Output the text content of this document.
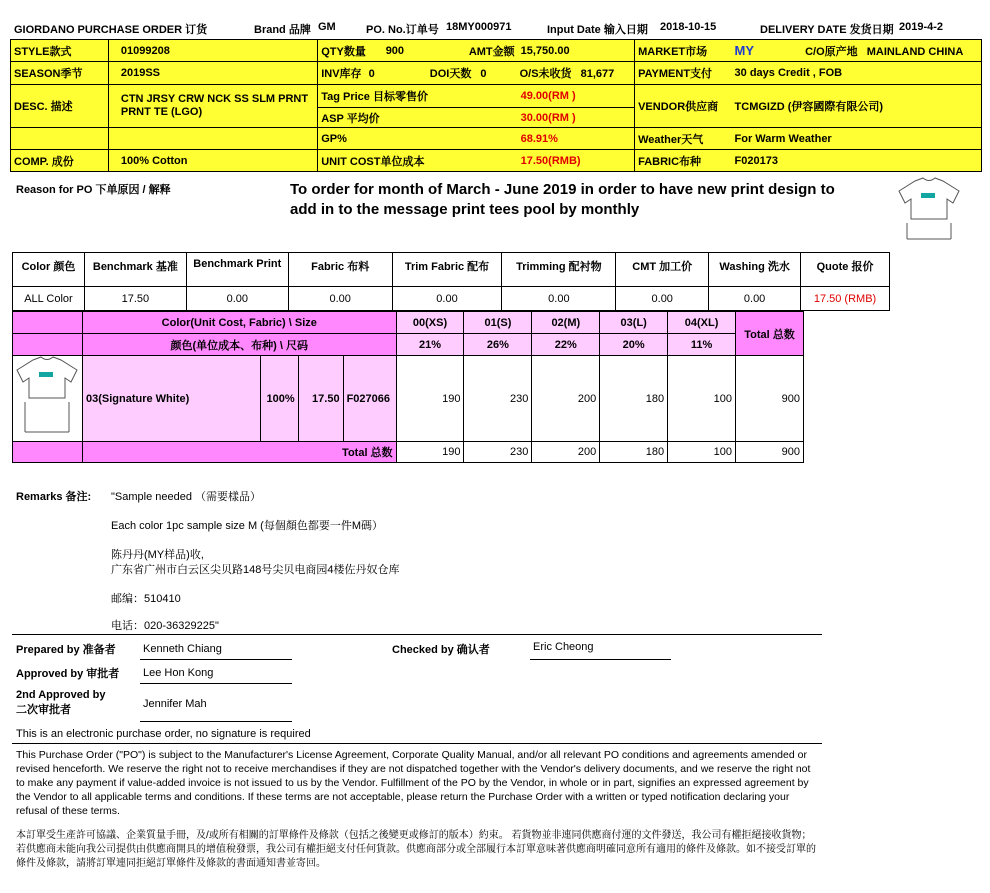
GIORDANO PURCHASE ORDER 订货	Brand 品牌 GM	PO. No.订单号 18MY000971	Input Date 输入日期 2018-10-15	DELIVERY DATE 发货日期 2019-4-2
STYLE款式	01099208	QTY数量	900	AMT金额	15,750.00	MARKET市场	MY C/O原产地 MAINLAND CHINA
SEASON季节	2019SS	INV库存 0 DOI天数 0 O/S未收货 81,677				PAYMENT支付	30 days Credit , FOB
DESC. 描述	CTN JRSY CRW NCK SS SLM PRNT PRNT TE (LGO)	Tag Price 目标零售价			49.00(RM )	VENDOR供应商	TCMGIZD (伊容國際有限公司)
		ASP 平均价			30.00(RM )		
		GP%			68.91%	Weather天气	For Warm Weather
COMP. 成份	100% Cotton	UNIT COST单位成本			17.50(RMB)	FABRIC布种	F020173
Reason for PO 下单原因 / 解释	To order for month of March - June 2019 in order to have new print design to
add in to the message print tees pool by monthly
Color 颜色	Benchmark 基准	Benchmark Print	Fabric 布料	Trim Fabric 配布	Trimming 配衬物	CMT 加工价	Washing 洗水	Quote 报价
ALL Color	17.50	0.00	0.00	0.00	0.00	0.00	0.00	17.50 (RMB)
	Color(Unit Cost, Fabric) \ Size				00(XS)	01(S)	02(M)	03(L)	04(XL)	Total 总数
	颜色(单位成本、布种) \ 尺码				21%	26%	22%	20%	11%	
	03(Signature White)	100%	17.50	F027066	190	230	200	180	100	900
	Total 总数				190	230	200	180	100	900
Remarks 备注: "Sample needed （需要樣品）
Each color 1pc sample size M (每個顏色都要一件M碼）
陈丹丹(MY样品)收,
广东省广州市白云区尖贝路148号尖贝电商园4楼佐丹奴仓库
邮编：510410
电话：020-36329225"
Prepared by 准备者 Kenneth Chiang	Checked by 确认者	Eric Cheong
Approved by 审批者 Lee Hon Kong
2nd Approved by
二次审批者	Jennifer Mah
This is an electronic purchase order, no signature is required
This Purchase Order ("PO") is subject to the Manufacturer's License Agreement, Corporate Quality Manual, and/or all relevant PO conditions and agreements amended or revised henceforth. We reserve the right not to receive merchandises if they are not dispatched together with the Vendor's delivery documents, and we reserve the right not to make any payment if value-added invoice is not issued to us by the Vendor. Fulfillment of the PO by the Vendor, in whole or in part, signifies an expressed agreement by the Vendor to all applicable terms and conditions. If these terms are not acceptable, please return the Purchase Order with a written or typed notification declaring your refusal of these terms.
本訂單受生產許可協議、企業質量手冊，及/或所有相關的訂單條件及條款（包括之後變更或修訂的版本）約束。 若貨物並非連同供應商付運的文件發送，我公司有權拒絕接收貨物；若供應商未能向我公司提供由供應商開具的增值稅發票，我公司有權拒絕支付任何貨款。供應商部分或全部履行本訂單意味著供應商明確同意所有適用的條件及條款。如不接受訂單的條件及條款，請將訂單連同拒絕訂單條件及條款的書面通知書並寄回。
